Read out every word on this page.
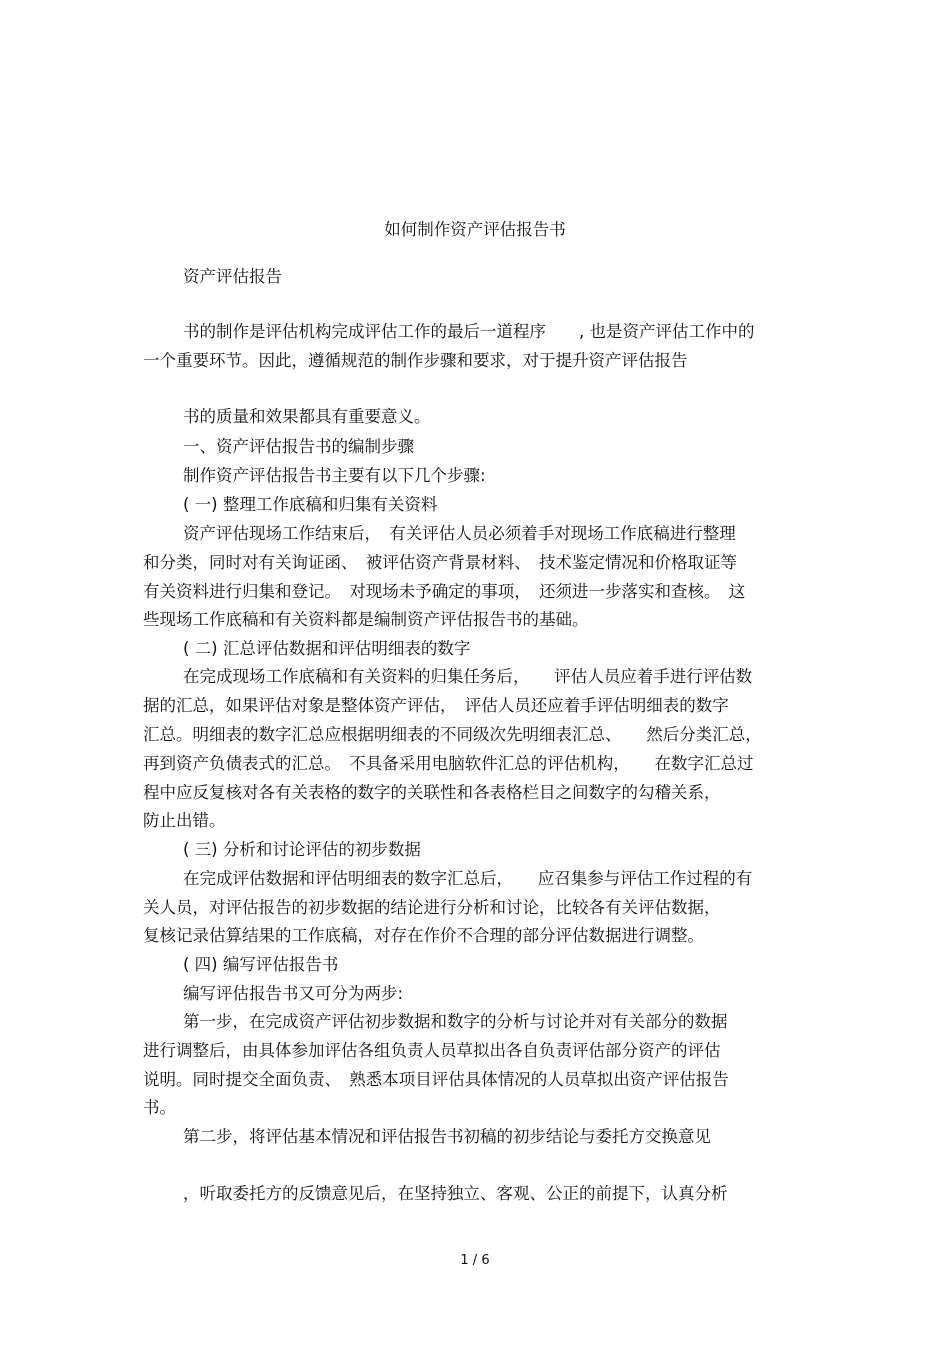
如何制作资产评估报告书
资产评估报告
书的制作是评估机构完成评估工作的最后一道程序　　, 也是资产评估工作中的
一个重要环节。因此，遵循规范的制作步骤和要求，对于提升资产评估报告
书的质量和效果都具有重要意义。
一、资产评估报告书的编制步骤
制作资产评估报告书主要有以下几个步骤:
( 一) 整理工作底稿和归集有关资料
资产评估现场工作结束后，　有关评估人员必须着手对现场工作底稿进行整理
和分类，同时对有关询证函、　被评估资产背景材料、　技术鉴定情况和价格取证等
有关资料进行归集和登记。　对现场未予确定的事项，　还须进一步落实和查核。　这
些现场工作底稿和有关资料都是编制资产评估报告书的基础。
( 二) 汇总评估数据和评估明细表的数字
在完成现场工作底稿和有关资料的归集任务后，　　评估人员应着手进行评估数
据的汇总，如果评估对象是整体资产评估，　评估人员还应着手评估明细表的数字
汇总。明细表的数字汇总应根据明细表的不同级次先明细表汇总、　　然后分类汇总，
再到资产负债表式的汇总。　不具备采用电脑软件汇总的评估机构，　　在数字汇总过
程中应反复核对各有关表格的数字的关联性和各表格栏目之间数字的勾稽关系，
防止出错。
( 三) 分析和讨论评估的初步数据
在完成评估数据和评估明细表的数字汇总后，　　应召集参与评估工作过程的有
关人员，对评估报告的初步数据的结论进行分析和讨论，比较各有关评估数据，
复核记录估算结果的工作底稿，对存在作价不合理的部分评估数据进行调整。
( 四) 编写评估报告书
编写评估报告书又可分为两步:
第一步，在完成资产评估初步数据和数字的分析与讨论并对有关部分的数据
进行调整后，由具体参加评估各组负责人员草拟出各自负责评估部分资产的评估
说明。同时提交全面负责、　熟悉本项目评估具体情况的人员草拟出资产评估报告
书。
第二步，将评估基本情况和评估报告书初稿的初步结论与委托方交换意见
，听取委托方的反馈意见后，在坚持独立、客观、公正的前提下，认真分析
1 / 6
